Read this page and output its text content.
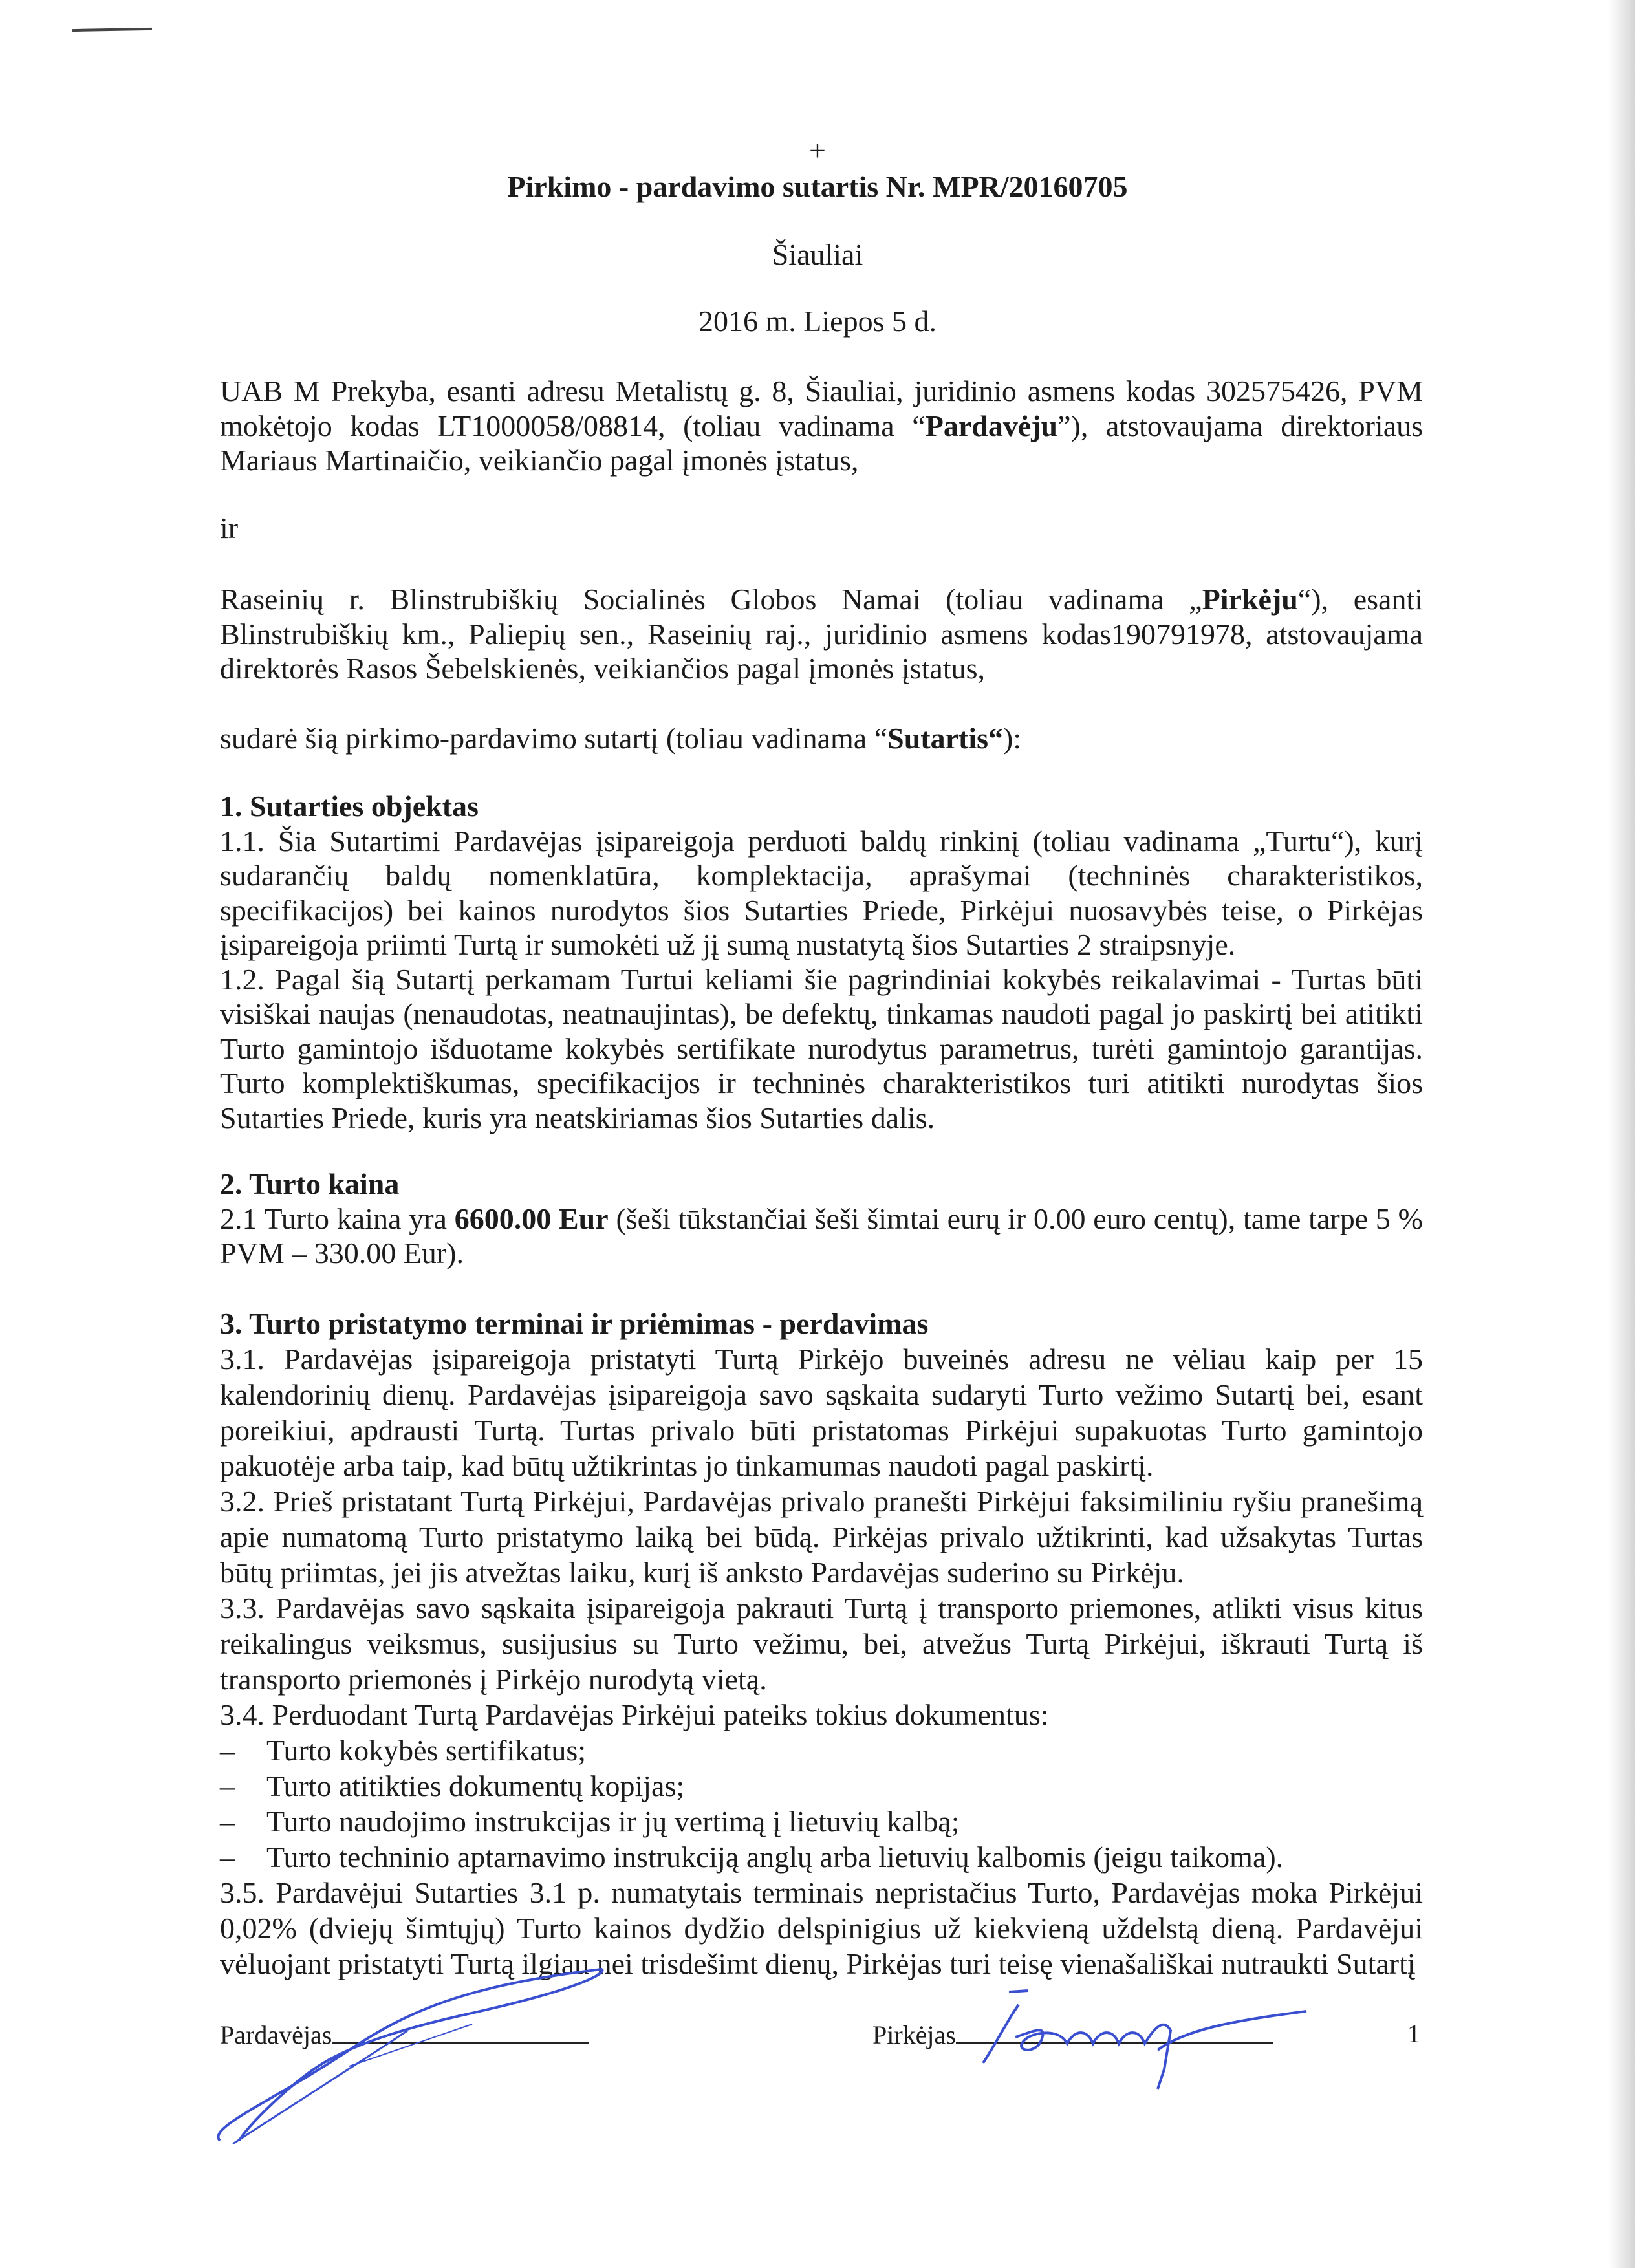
+
Pirkimo - pardavimo sutartis Nr. MPR/20160705
Šiauliai
2016 m. Liepos 5 d.

UAB M Prekyba, esanti adresu Metalistų g. 8, Šiauliai, juridinio asmens kodas 302575426, PVM mokėtojo kodas LT1000058/08814, (toliau vadinama “Pardavėju”), atstovaujama direktoriaus Mariaus Martinaičio, veikiančio pagal įmonės įstatus,

ir

Raseinių r. Blinstrubiškių Socialinės Globos Namai (toliau vadinama „Pirkėju“), esanti Blinstrubiškių km., Paliepių sen., Raseinių raj., juridinio asmens kodas190791978, atstovaujama direktorės Rasos Šebelskienės, veikiančios pagal įmonės įstatus,

sudarė šią pirkimo-pardavimo sutartį (toliau vadinama “Sutartis“):

1. Sutarties objektas

1.1. Šia Sutartimi Pardavėjas įsipareigoja perduoti baldų rinkinį (toliau vadinama „Turtu“), kurį sudarančių baldų nomenklatūra, komplektacija, aprašymai (techninės charakteristikos, specifikacijos) bei kainos nurodytos šios Sutarties Priede, Pirkėjui nuosavybės teise, o Pirkėjas įsipareigoja priimti Turtą ir sumokėti už jį sumą nustatytą šios Sutarties 2 straipsnyje.

1.2. Pagal šią Sutartį perkamam Turtui keliami šie pagrindiniai kokybės reikalavimai - Turtas būti visiškai naujas (nenaudotas, neatnaujintas), be defektų, tinkamas naudoti pagal jo paskirtį bei atitikti Turto gamintojo išduotame kokybės sertifikate nurodytus parametrus, turėti gamintojo garantijas. Turto komplektiškumas, specifikacijos ir techninės charakteristikos turi atitikti nurodytas šios Sutarties Priede, kuris yra neatskiriamas šios Sutarties dalis.

2. Turto kaina

2.1 Turto kaina yra 6600.00 Eur (šeši tūkstančiai šeši šimtai eurų ir 0.00 euro centų), tame tarpe 5 % PVM – 330.00 Eur).

3. Turto pristatymo terminai ir priėmimas - perdavimas

3.1. Pardavėjas įsipareigoja pristatyti Turtą Pirkėjo buveinės adresu ne vėliau kaip per 15 kalendorinių dienų. Pardavėjas įsipareigoja savo sąskaita sudaryti Turto vežimo Sutartį bei, esant poreikiui, apdrausti Turtą. Turtas privalo būti pristatomas Pirkėjui supakuotas Turto gamintojo pakuotėje arba taip, kad būtų užtikrintas jo tinkamumas naudoti pagal paskirtį.

3.2. Prieš pristatant Turtą Pirkėjui, Pardavėjas privalo pranešti Pirkėjui faksimiliniu ryšiu pranešimą apie numatomą Turto pristatymo laiką bei būdą. Pirkėjas privalo užtikrinti, kad užsakytas Turtas būtų priimtas, jei jis atvežtas laiku, kurį iš anksto Pardavėjas suderino su Pirkėju.

3.3. Pardavėjas savo sąskaita įsipareigoja pakrauti Turtą į transporto priemones, atlikti visus kitus reikalingus veiksmus, susijusius su Turto vežimu, bei, atvežus Turtą Pirkėjui, iškrauti Turtą iš transporto priemonės į Pirkėjo nurodytą vietą.

3.4. Perduodant Turtą Pardavėjas Pirkėjui pateiks tokius dokumentus:

–	Turto kokybės sertifikatus;

–	Turto atitikties dokumentų kopijas;

–	Turto naudojimo instrukcijas ir jų vertimą į lietuvių kalbą;

–	Turto techninio aptarnavimo instrukciją anglų arba lietuvių kalbomis (jeigu taikoma).

3.5. Pardavėjui Sutarties 3.1 p. numatytais terminais nepristačius Turto, Pardavėjas moka Pirkėjui 0,02% (dviejų šimtųjų) Turto kainos dydžio delspinigius už kiekvieną uždelstą dieną. Pardavėjui vėluojant pristatyti Turtą ilgiau nei trisdešimt dienų, Pirkėjas turi teisę vienašališkai nutraukti Sutartį

Pardavėjas	Pirkėjas	1
